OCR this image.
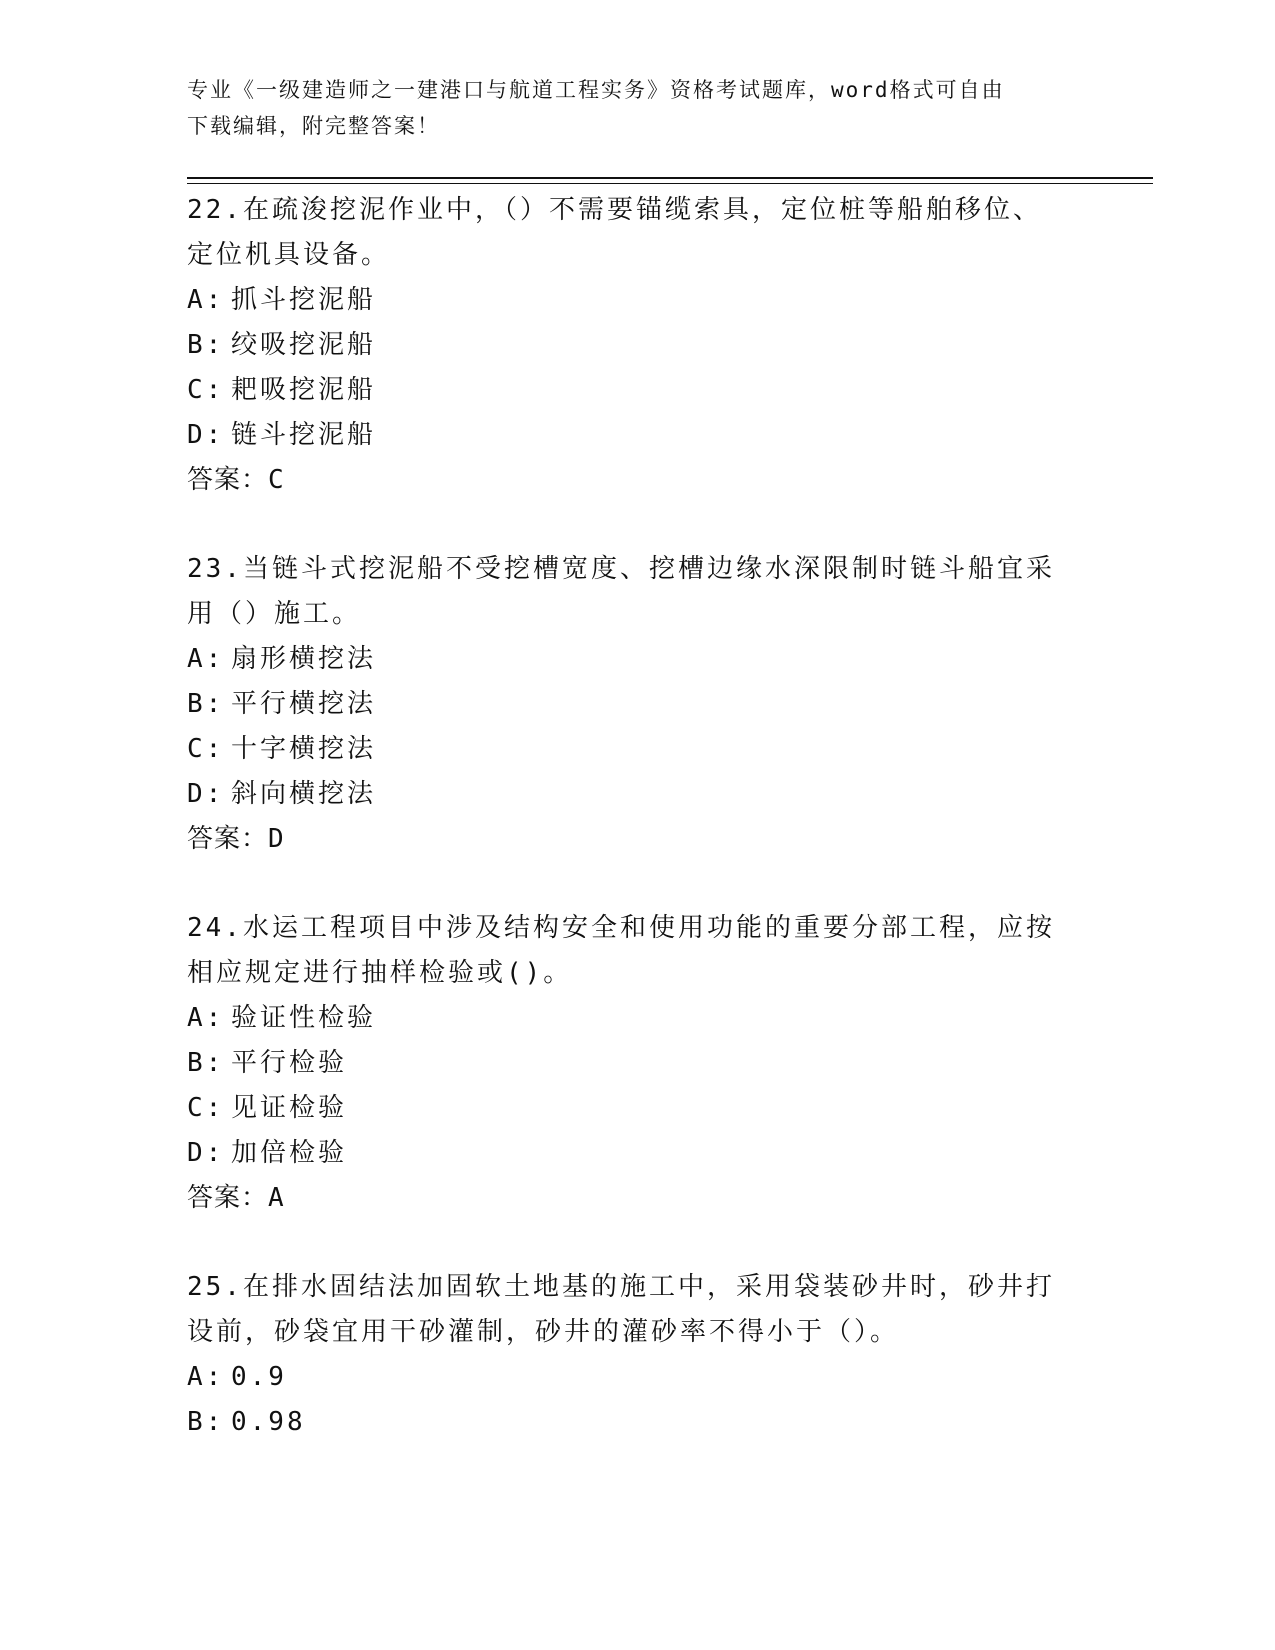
专业《一级建造师之一建港口与航道工程实务》资格考试题库，word格式可自由
下载编辑，附完整答案！
22.在疏浚挖泥作业中，（）不需要锚缆索具，定位桩等船舶移位、定位机具设备。
A: 抓斗挖泥船
B: 绞吸挖泥船
C: 耙吸挖泥船
D: 链斗挖泥船
答案：C
23.当链斗式挖泥船不受挖槽宽度、挖槽边缘水深限制时链斗船宜采用（）施工。
A: 扇形横挖法
B: 平行横挖法
C: 十字横挖法
D: 斜向横挖法
答案：D
24.水运工程项目中涉及结构安全和使用功能的重要分部工程，应按相应规定进行抽样检验或()。
A: 验证性检验
B: 平行检验
C: 见证检验
D: 加倍检验
答案：A
25.在排水固结法加固软土地基的施工中，采用袋装砂井时，砂井打设前，砂袋宜用干砂灌制，砂井的灌砂率不得小于（）。
A: 0.9
B: 0.98
